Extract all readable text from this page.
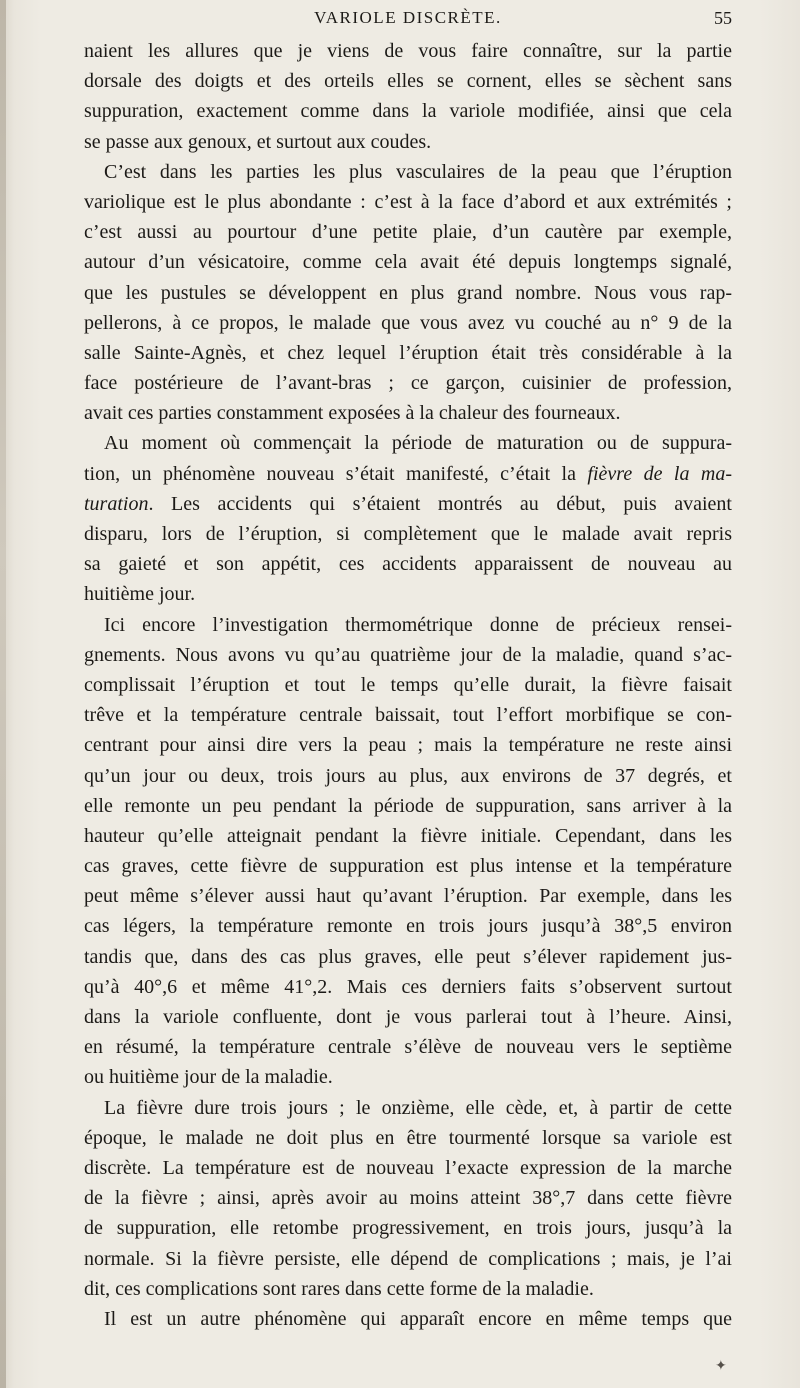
VARIOLE DISCRÈTE.	55
naient les allures que je viens de vous faire connaître, sur la partie
dorsale des doigts et des orteils elles se cornent, elles se sèchent sans
suppuration, exactement comme dans la variole modifiée, ainsi que cela
se passe aux genoux, et surtout aux coudes.
C’est dans les parties les plus vasculaires de la peau que l’éruption
variolique est le plus abondante : c’est à la face d’abord et aux extrémités ;
c’est aussi au pourtour d’une petite plaie, d’un cautère par exemple,
autour d’un vésicatoire, comme cela avait été depuis longtemps signalé,
que les pustules se développent en plus grand nombre. Nous vous rap-
pellerons, à ce propos, le malade que vous avez vu couché au n° 9 de la
salle Sainte-Agnès, et chez lequel l’éruption était très considérable à la
face postérieure de l’avant-bras ; ce garçon, cuisinier de profession,
avait ces parties constamment exposées à la chaleur des fourneaux.
Au moment où commençait la période de maturation ou de suppura-
tion, un phénomène nouveau s’était manifesté, c’était la fièvre de la ma-
turation. Les accidents qui s’étaient montrés au début, puis avaient
disparu, lors de l’éruption, si complètement que le malade avait repris
sa gaieté et son appétit, ces accidents apparaissent de nouveau au
huitième jour.
Ici encore l’investigation thermométrique donne de précieux rensei-
gnements. Nous avons vu qu’au quatrième jour de la maladie, quand s’ac-
complissait l’éruption et tout le temps qu’elle durait, la fièvre faisait
trêve et la température centrale baissait, tout l’effort morbifique se con-
centrant pour ainsi dire vers la peau ; mais la température ne reste ainsi
qu’un jour ou deux, trois jours au plus, aux environs de 37 degrés, et
elle remonte un peu pendant la période de suppuration, sans arriver à la
hauteur qu’elle atteignait pendant la fièvre initiale. Cependant, dans les
cas graves, cette fièvre de suppuration est plus intense et la température
peut même s’élever aussi haut qu’avant l’éruption. Par exemple, dans les
cas légers, la température remonte en trois jours jusqu’à 38°,5 environ
tandis que, dans des cas plus graves, elle peut s’élever rapidement jus-
qu’à 40°,6 et même 41°,2. Mais ces derniers faits s’observent surtout
dans la variole confluente, dont je vous parlerai tout à l’heure. Ainsi,
en résumé, la température centrale s’élève de nouveau vers le septième
ou huitième jour de la maladie.
La fièvre dure trois jours ; le onzième, elle cède, et, à partir de cette
époque, le malade ne doit plus en être tourmenté lorsque sa variole est
discrète. La température est de nouveau l’exacte expression de la marche
de la fièvre ; ainsi, après avoir au moins atteint 38°,7 dans cette fièvre
de suppuration, elle retombe progressivement, en trois jours, jusqu’à la
normale. Si la fièvre persiste, elle dépend de complications ; mais, je l’ai
dit, ces complications sont rares dans cette forme de la maladie.
Il est un autre phénomène qui apparaît encore en même temps que
✦
